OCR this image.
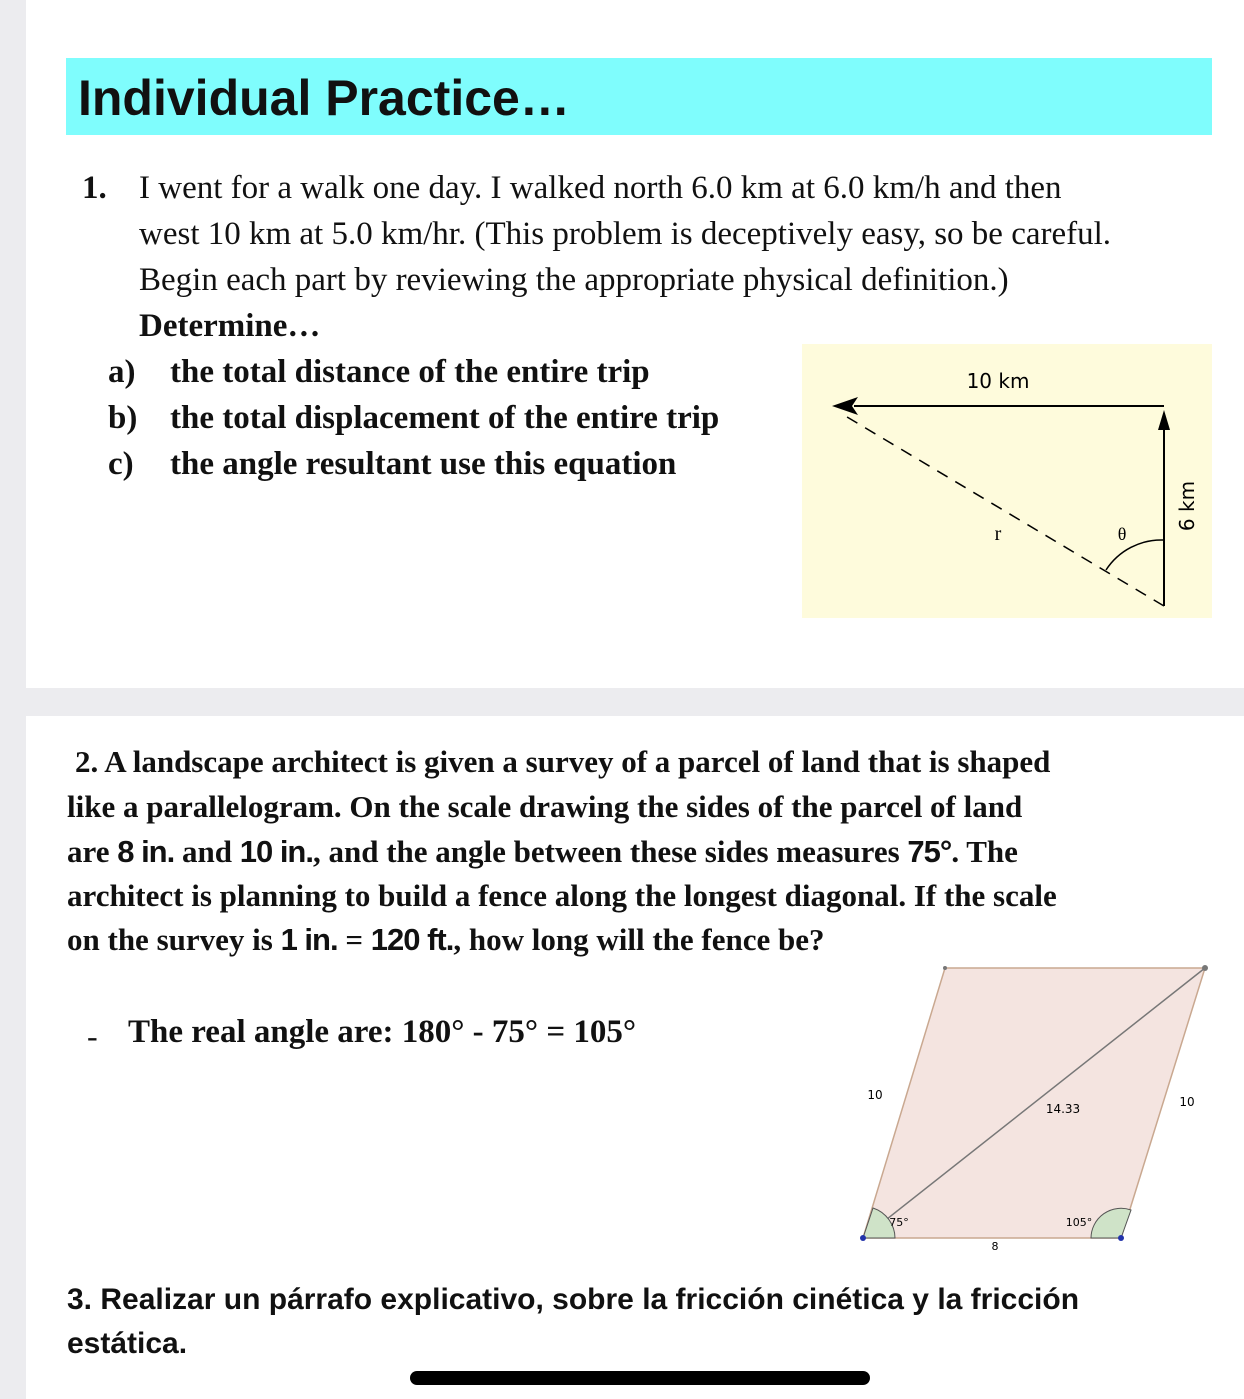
Individual Practice…
1. I went for a walk one day. I walked north 6.0 km at 6.0 km/h and then
west 10 km at 5.0 km/hr. (This problem is deceptively easy, so be careful.
Begin each part by reviewing the appropriate physical definition.)
Determine…
a) the total distance of the entire trip
b) the total displacement of the entire trip
c) the angle resultant use this equation
10 km
r	θ
6 km
2. A landscape architect is given a survey of a parcel of land that is shaped
like a parallelogram. On the scale drawing the sides of the parcel of land
are 8 in. and 10 in., and the angle between these sides measures 75°. The
architect is planning to build a fence along the longest diagonal. If the scale
on the survey is 1 in. = 120 ft., how long will the fence be?
- The real angle are: 180° - 75° = 105°
10	10
14.33
8
75°	105°
3. Realizar un párrafo explicativo, sobre la fricción cinética y la fricción
estática.
